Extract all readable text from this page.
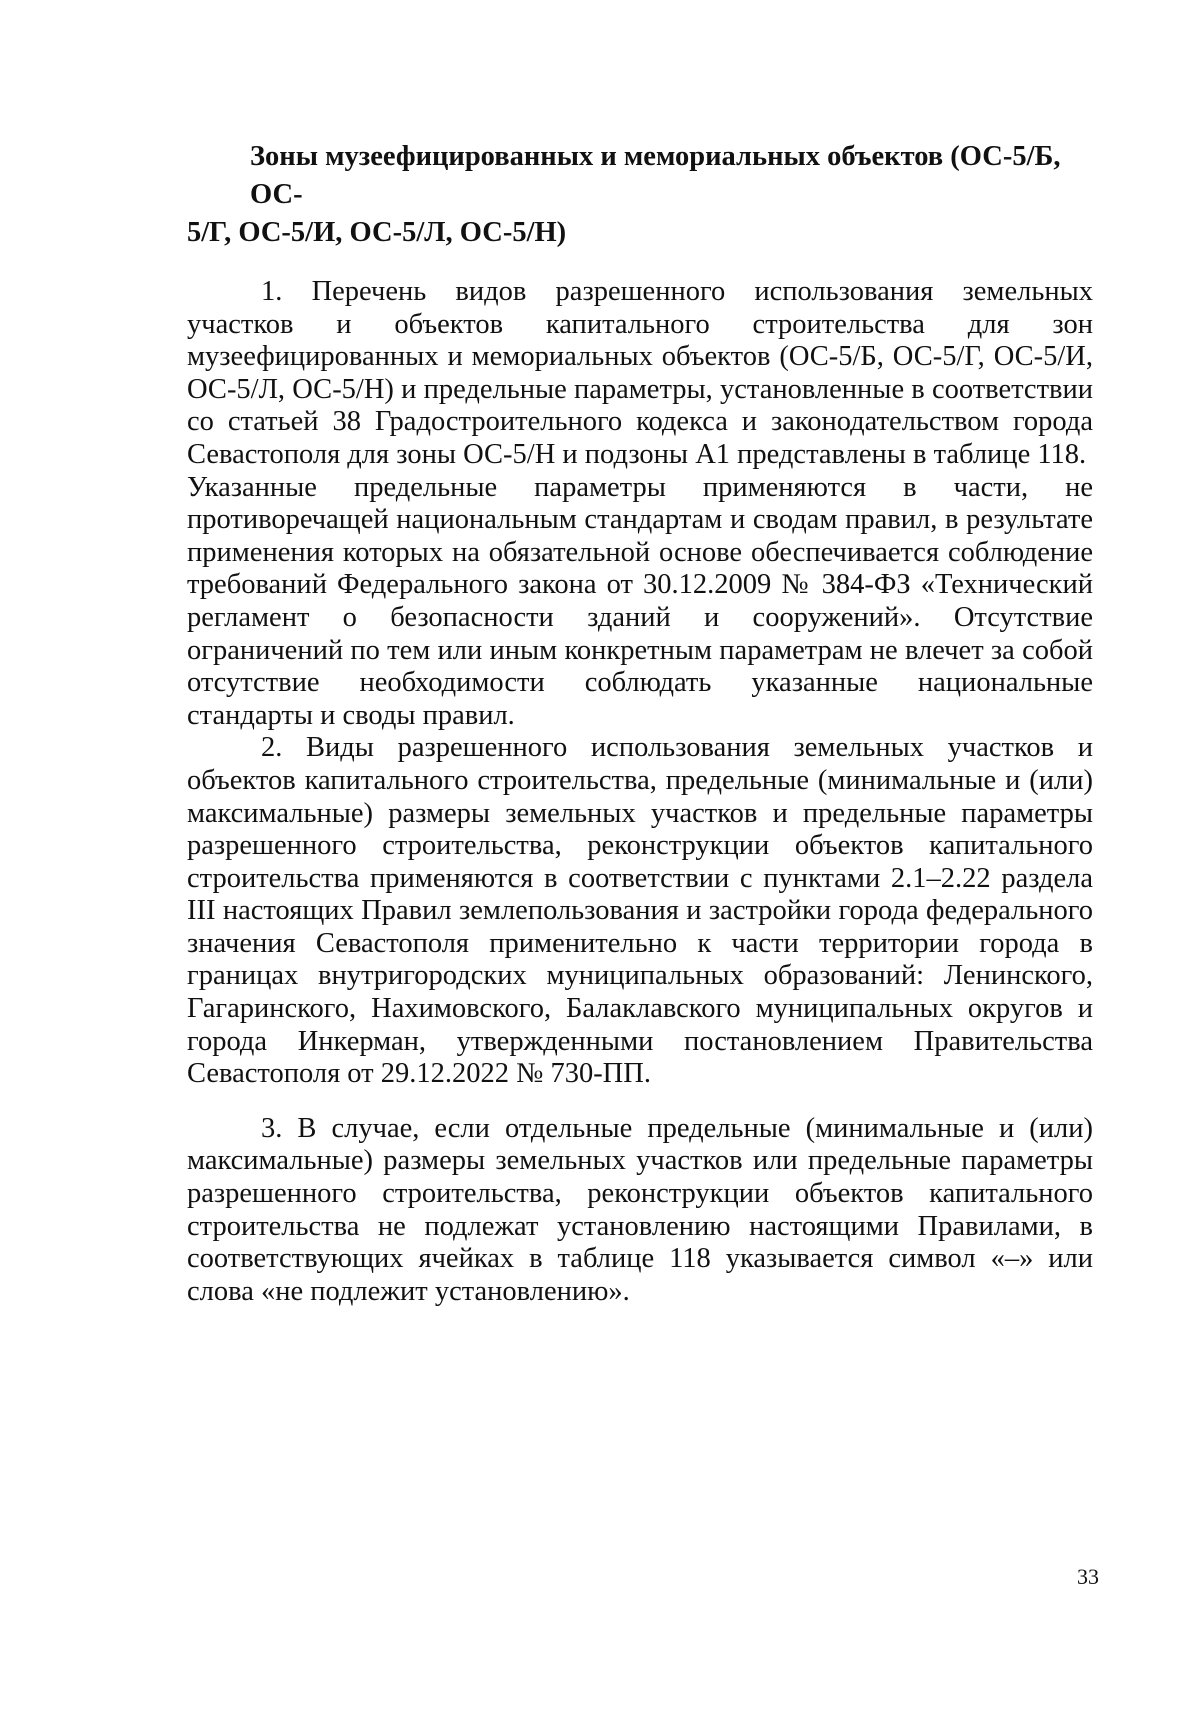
Зоны музеефицированных и мемориальных объектов (ОС-5/Б, ОС-
5/Г, ОС-5/И, ОС-5/Л, ОС-5/Н)

1. Перечень видов разрешенного использования земельных участков и объектов капитального строительства для зон музеефицированных и мемориальных объектов (ОС-5/Б, ОС-5/Г, ОС-5/И, ОС-5/Л, ОС-5/Н) и предельные параметры, установленные в соответствии со статьей 38 Градостроительного кодекса и законодательством города Севастополя для зоны ОС-5/Н и подзоны А1 представлены в таблице 118.

Указанные предельные параметры применяются в части, не противоречащей национальным стандартам и сводам правил, в результате применения которых на обязательной основе обеспечивается соблюдение требований Федерального закона от 30.12.2009 № 384-ФЗ «Технический регламент о безопасности зданий и сооружений». Отсутствие ограничений по тем или иным конкретным параметрам не влечет за собой отсутствие необходимости соблюдать указанные национальные стандарты и своды правил.

2. Виды разрешенного использования земельных участков и объектов капитального строительства, предельные (минимальные и (или) максимальные) размеры земельных участков и предельные параметры разрешенного строительства, реконструкции объектов капитального строительства применяются в соответствии с пунктами 2.1–2.22 раздела III настоящих Правил землепользования и застройки города федерального значения Севастополя применительно к части территории города в границах внутригородских муниципальных образований: Ленинского, Гагаринского, Нахимовского, Балаклавского муниципальных округов и города Инкерман, утвержденными постановлением Правительства Севастополя от 29.12.2022 № 730-ПП.

3. В случае, если отдельные предельные (минимальные и (или) максимальные) размеры земельных участков или предельные параметры разрешенного строительства, реконструкции объектов капитального строительства не подлежат установлению настоящими Правилами, в соответствующих ячейках в таблице 118 указывается символ «–» или слова «не подлежит установлению».

33
